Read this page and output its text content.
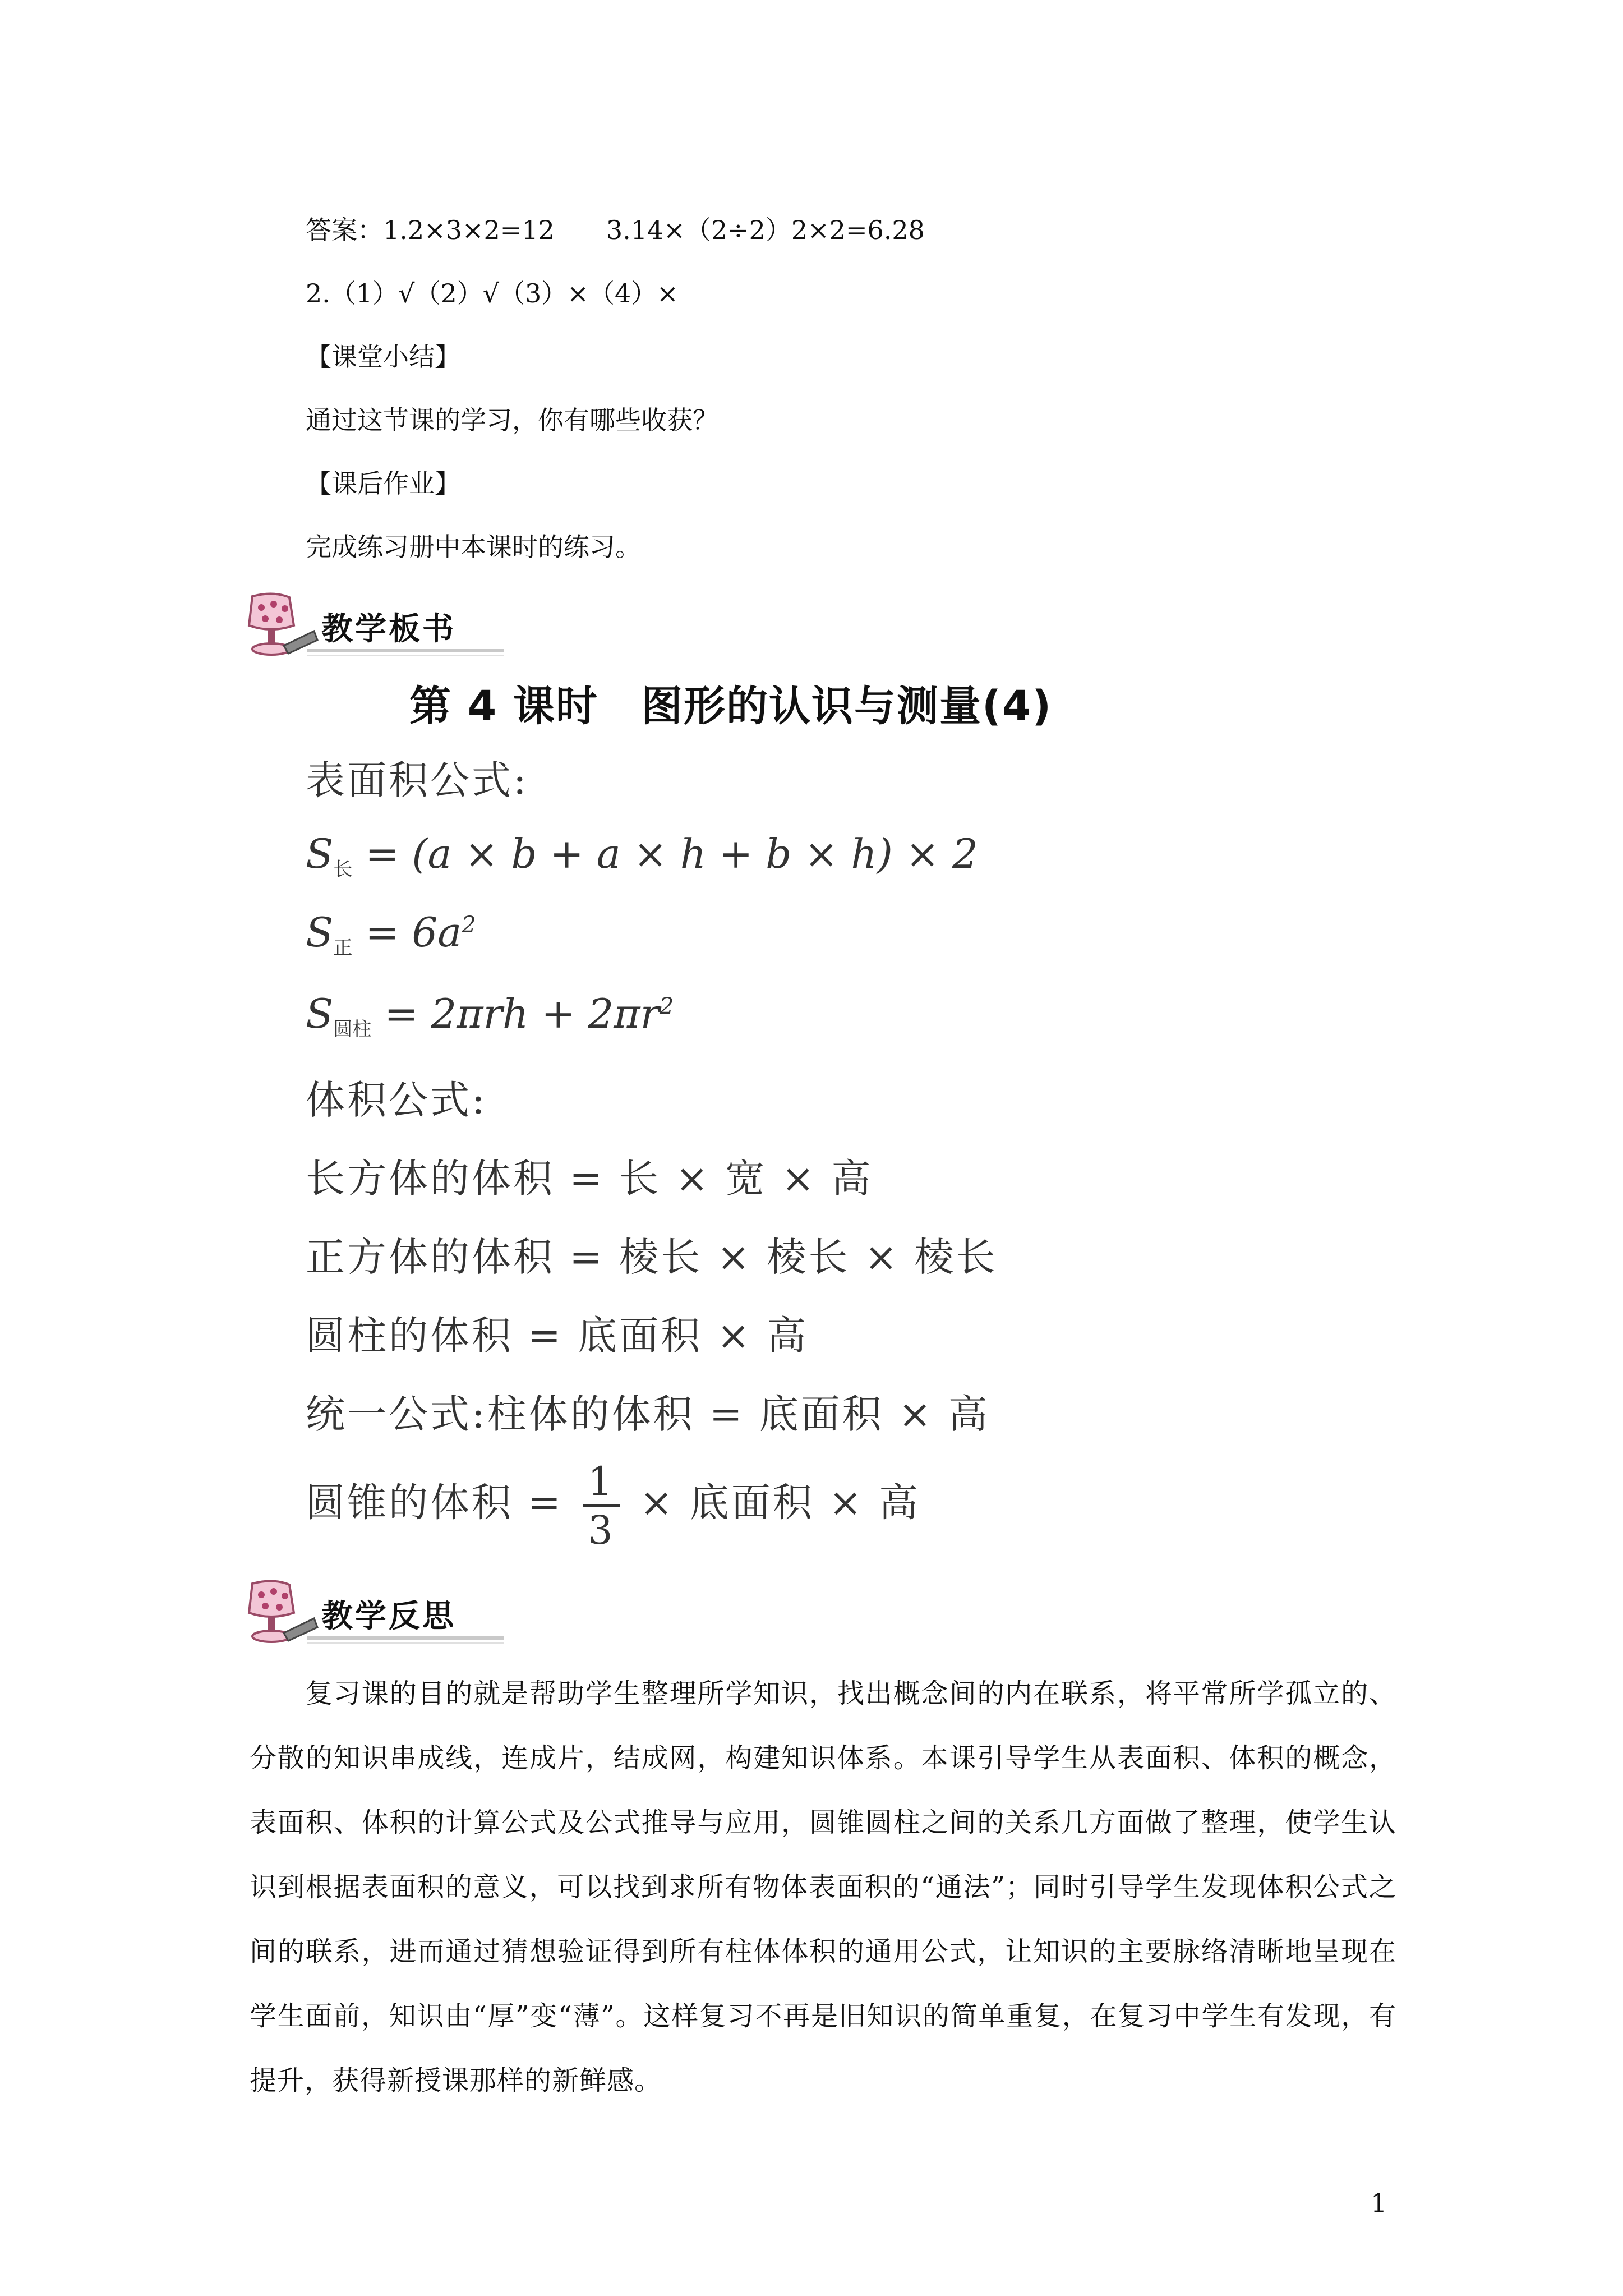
答案：1.2×3×2=12　　3.14×（2÷2）2×2=6.28
2.（1）√（2）√（3）×（4）×
【课堂小结】
通过这节课的学习，你有哪些收获？
【课后作业】
完成练习册中本课时的练习。
教学板书
第 4 课时　图形的认识与测量(4)
表面积公式:
$S_长 = (a \times b + a \times h + b \times h) \times 2$
$S_正 = 6a^2$
$S_{圆柱} = 2\pi rh + 2\pi r^2$
体积公式:
长方体的体积 = 长 × 宽 × 高
正方体的体积 = 棱长 × 棱长 × 棱长
圆柱的体积 = 底面积 × 高
统一公式:柱体的体积 = 底面积 × 高
圆锥的体积 = $\frac{1}{3}$ × 底面积 × 高
教学反思

复习课的目的就是帮助学生整理所学知识，找出概念间的内在联系，将平常所学孤立的、分散的知识串成线，连成片，结成网，构建知识体系。本课引导学生从表面积、体积的概念，表面积、体积的计算公式及公式推导与应用，圆锥圆柱之间的关系几方面做了整理，使学生认识到根据表面积的意义，可以找到求所有物体表面积的“通法”；同时引导学生发现体积公式之间的联系，进而通过猜想验证得到所有柱体体积的通用公式，让知识的主要脉络清晰地呈现在学生面前，知识由“厚”变“薄”。这样复习不再是旧知识的简单重复，在复习中学生有发现，有提升，获得新授课那样的新鲜感。

1
